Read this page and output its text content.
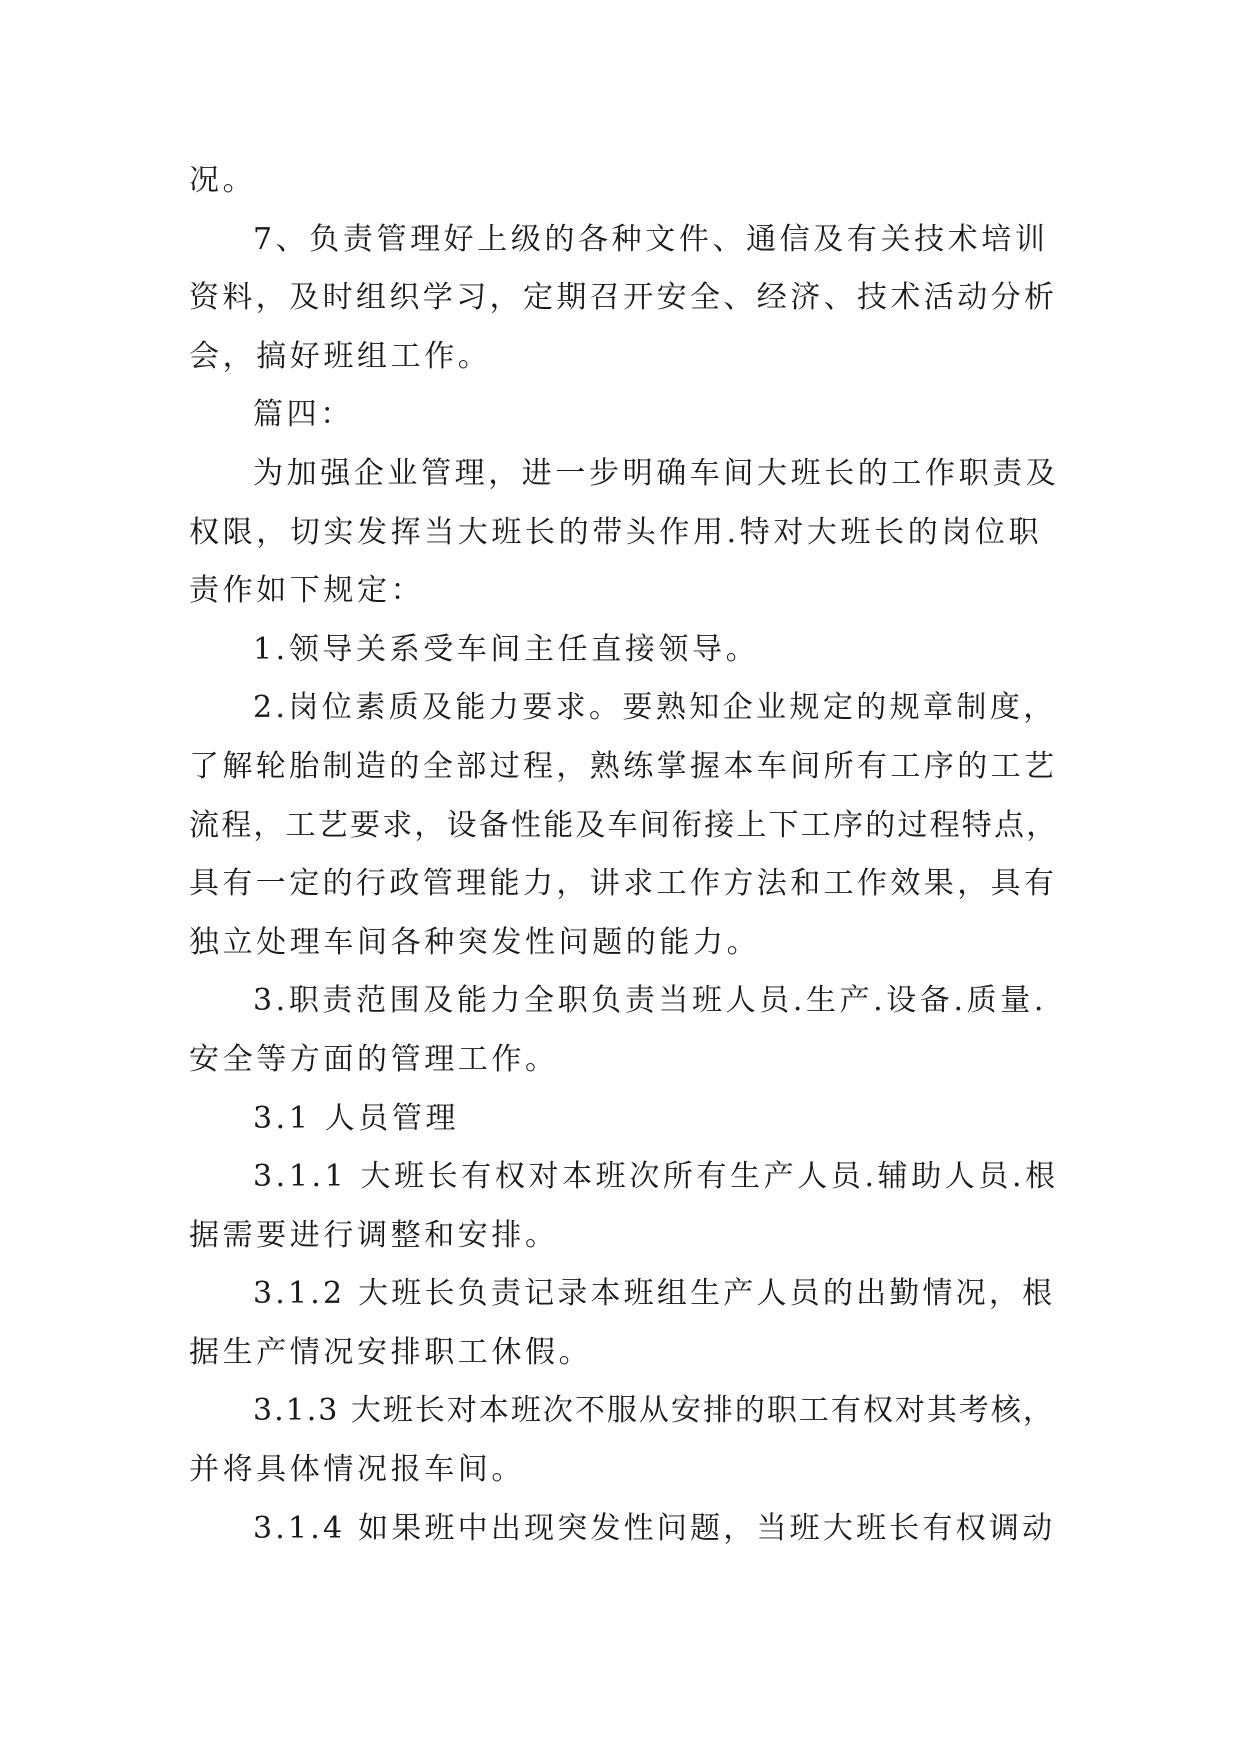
况。
7、负责管理好上级的各种文件、通信及有关技术培训
资料，及时组织学习，定期召开安全、经济、技术活动分析
会，搞好班组工作。
篇四：
为加强企业管理，进一步明确车间大班长的工作职责及
权限，切实发挥当大班长的带头作用.特对大班长的岗位职
责作如下规定：
1.领导关系受车间主任直接领导。
2.岗位素质及能力要求。要熟知企业规定的规章制度，
了解轮胎制造的全部过程，熟练掌握本车间所有工序的工艺
流程，工艺要求，设备性能及车间衔接上下工序的过程特点，
具有一定的行政管理能力，讲求工作方法和工作效果，具有
独立处理车间各种突发性问题的能力。
3.职责范围及能力全职负责当班人员.生产.设备.质量.
安全等方面的管理工作。
3.1 人员管理
3.1.1 大班长有权对本班次所有生产人员.辅助人员.根
据需要进行调整和安排。
3.1.2 大班长负责记录本班组生产人员的出勤情况，根
据生产情况安排职工休假。
3.1.3 大班长对本班次不服从安排的职工有权对其考核，
并将具体情况报车间。
3.1.4 如果班中出现突发性问题，当班大班长有权调动
